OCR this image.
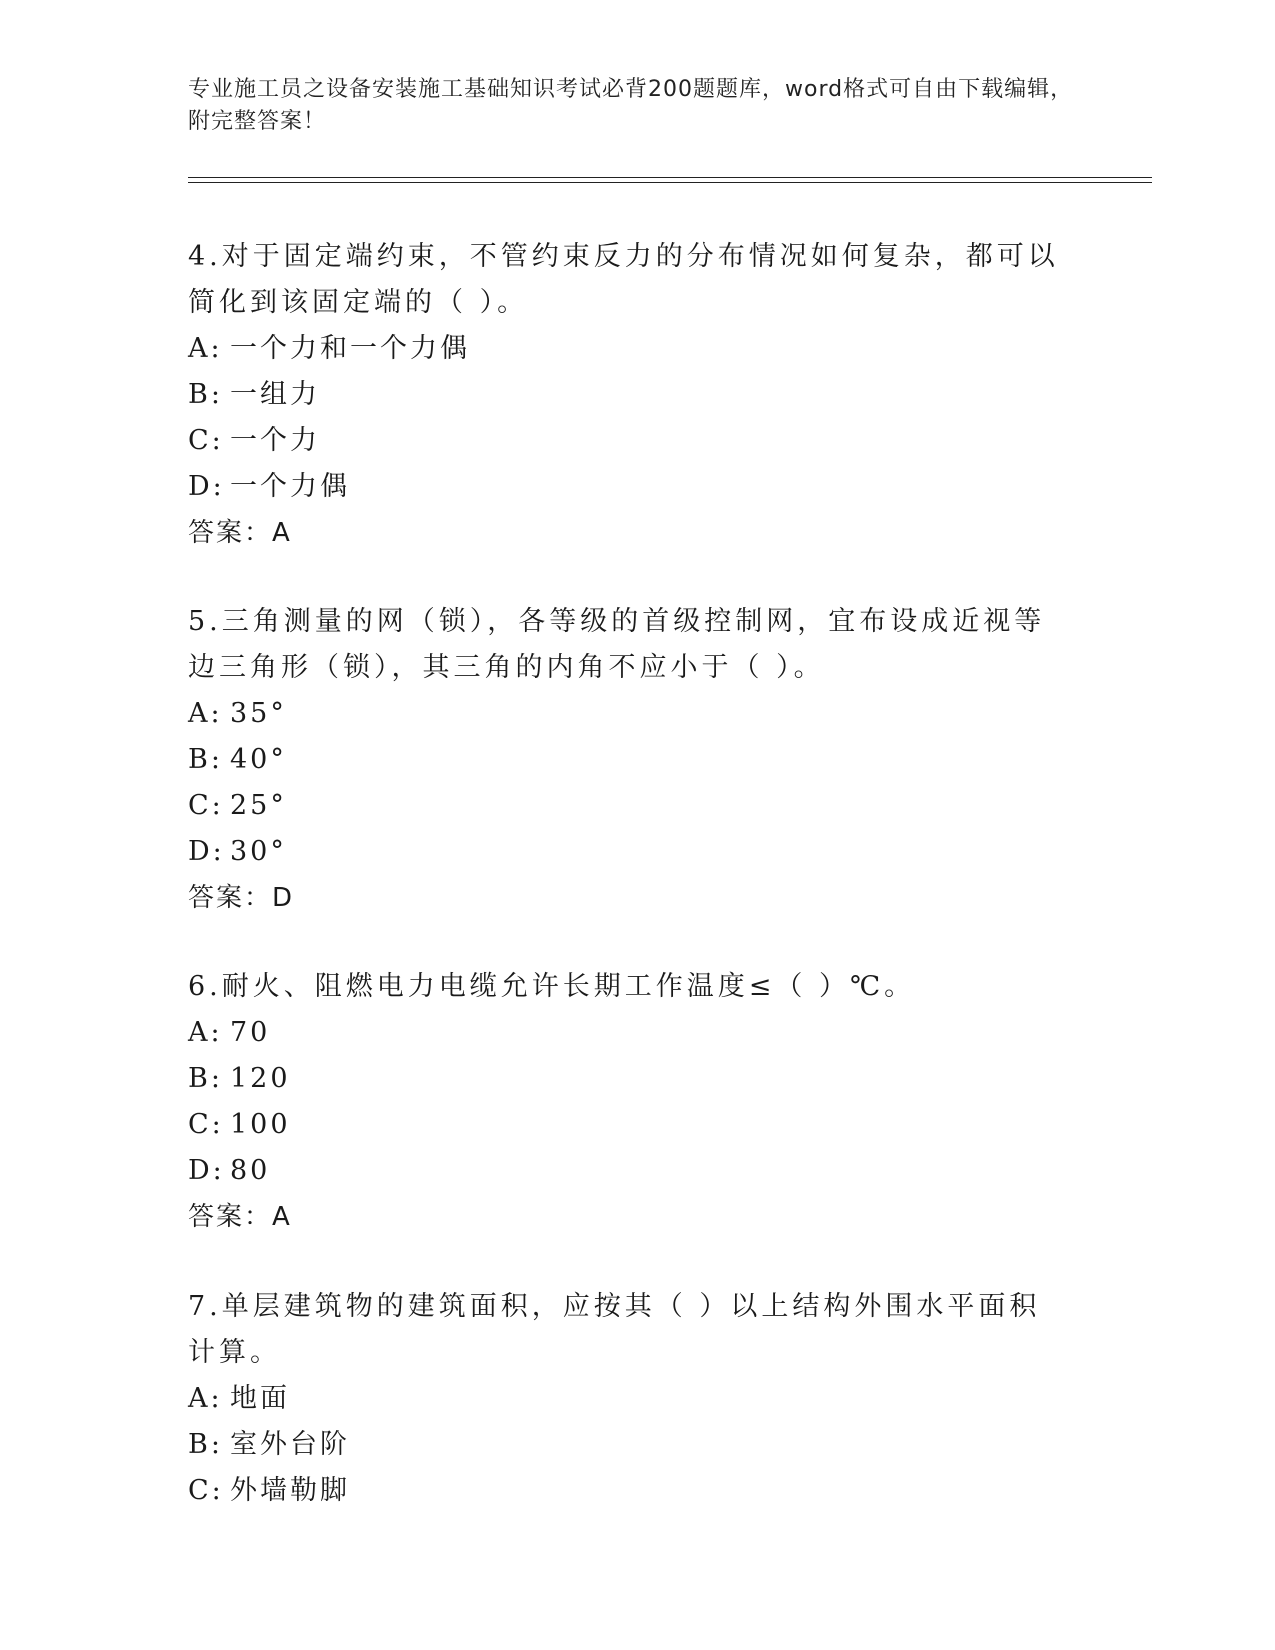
专业施工员之设备安装施工基础知识考试必背200题题库，word格式可自由下载编辑，附完整答案！

4.对于固定端约束，不管约束反力的分布情况如何复杂，都可以简化到该固定端的（ ）。

A: 一个力和一个力偶

B: 一组力

C: 一个力

D: 一个力偶

答案：A

5.三角测量的网（锁），各等级的首级控制网，宜布设成近视等边三角形（锁），其三角的内角不应小于（ ）。

A: 35°

B: 40°

C: 25°

D: 30°

答案：D

6.耐火、阻燃电力电缆允许长期工作温度≤（ ）℃。

A: 70

B: 120

C: 100

D: 80

答案：A

7.单层建筑物的建筑面积，应按其（ ）以上结构外围水平面积计算。

A: 地面

B: 室外台阶

C: 外墙勒脚
